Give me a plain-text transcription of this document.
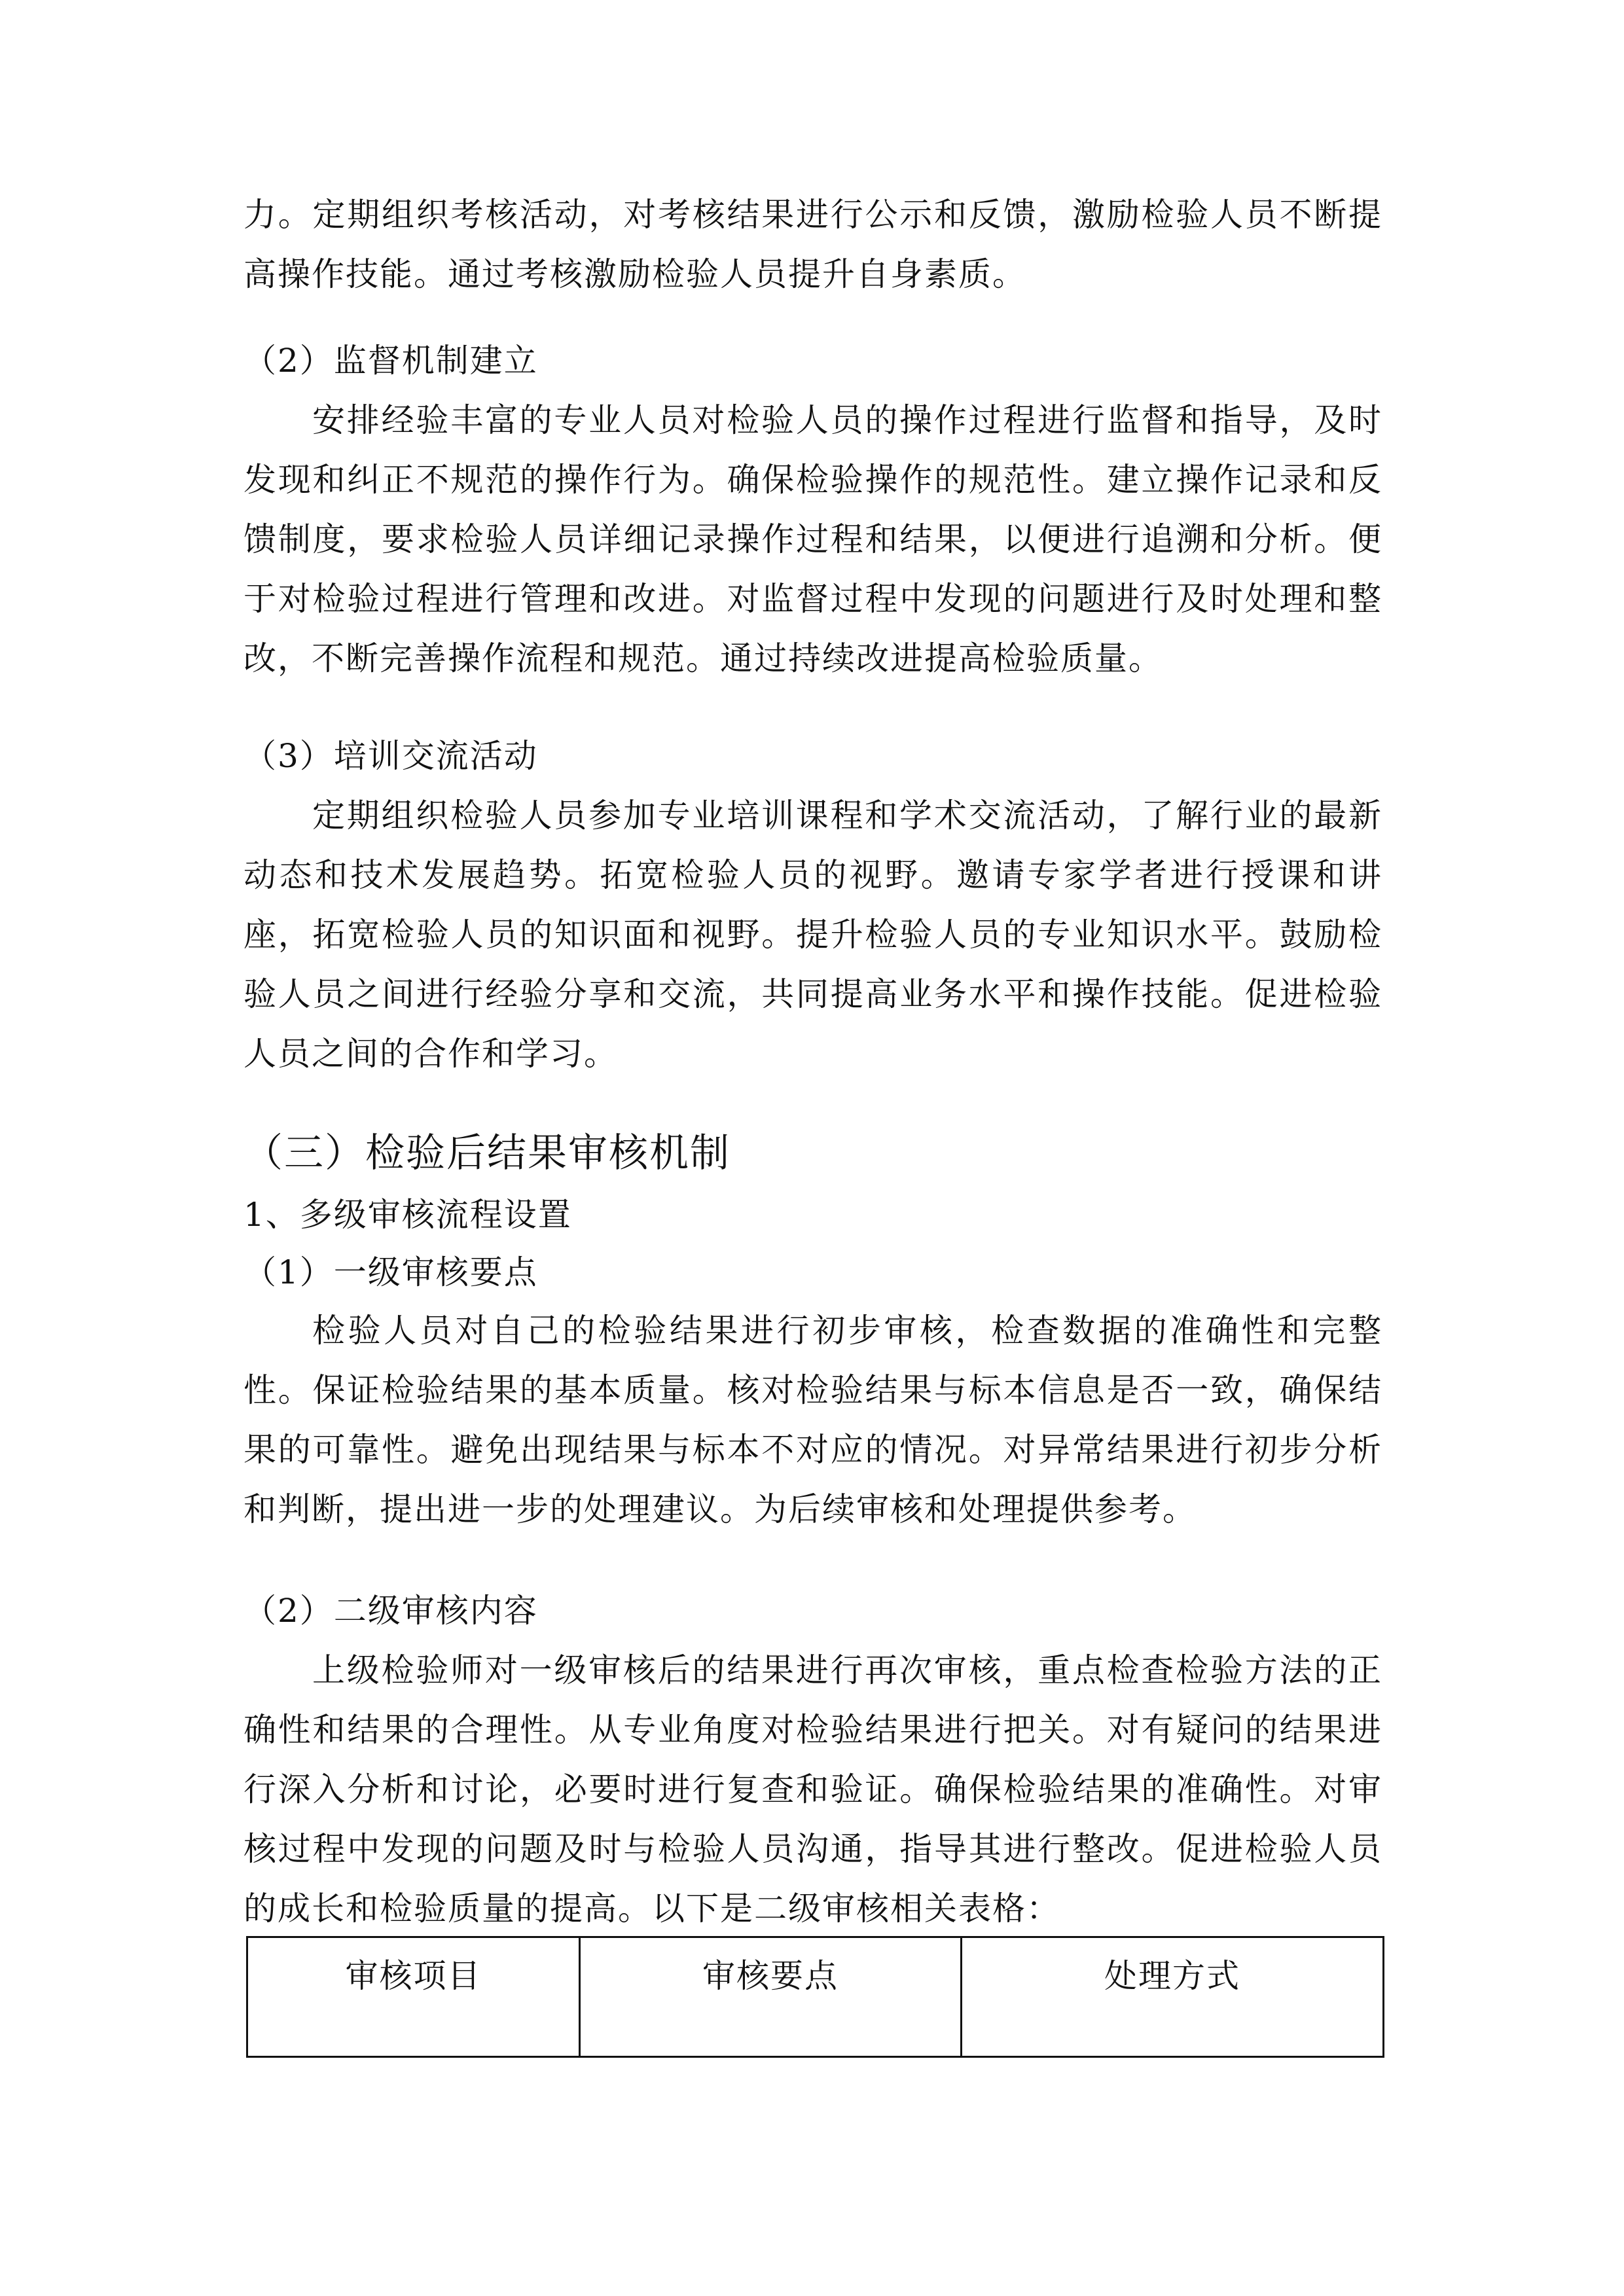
力。定期组织考核活动，对考核结果进行公示和反馈，激励检验人员不断提高操作技能。通过考核激励检验人员提升自身素质。

（2）监督机制建立

安排经验丰富的专业人员对检验人员的操作过程进行监督和指导，及时发现和纠正不规范的操作行为。确保检验操作的规范性。建立操作记录和反馈制度，要求检验人员详细记录操作过程和结果，以便进行追溯和分析。便于对检验过程进行管理和改进。对监督过程中发现的问题进行及时处理和整改，不断完善操作流程和规范。通过持续改进提高检验质量。

（3）培训交流活动

定期组织检验人员参加专业培训课程和学术交流活动，了解行业的最新动态和技术发展趋势。拓宽检验人员的视野。邀请专家学者进行授课和讲座，拓宽检验人员的知识面和视野。提升检验人员的专业知识水平。鼓励检验人员之间进行经验分享和交流，共同提高业务水平和操作技能。促进检验人员之间的合作和学习。

（三）检验后结果审核机制

1、多级审核流程设置

（1）一级审核要点

检验人员对自己的检验结果进行初步审核，检查数据的准确性和完整性。保证检验结果的基本质量。核对检验结果与标本信息是否一致，确保结果的可靠性。避免出现结果与标本不对应的情况。对异常结果进行初步分析和判断，提出进一步的处理建议。为后续审核和处理提供参考。

（2）二级审核内容

上级检验师对一级审核后的结果进行再次审核，重点检查检验方法的正确性和结果的合理性。从专业角度对检验结果进行把关。对有疑问的结果进行深入分析和讨论，必要时进行复查和验证。确保检验结果的准确性。对审核过程中发现的问题及时与检验人员沟通，指导其进行整改。促进检验人员的成长和检验质量的提高。以下是二级审核相关表格：

审核项目	审核要点	处理方式
